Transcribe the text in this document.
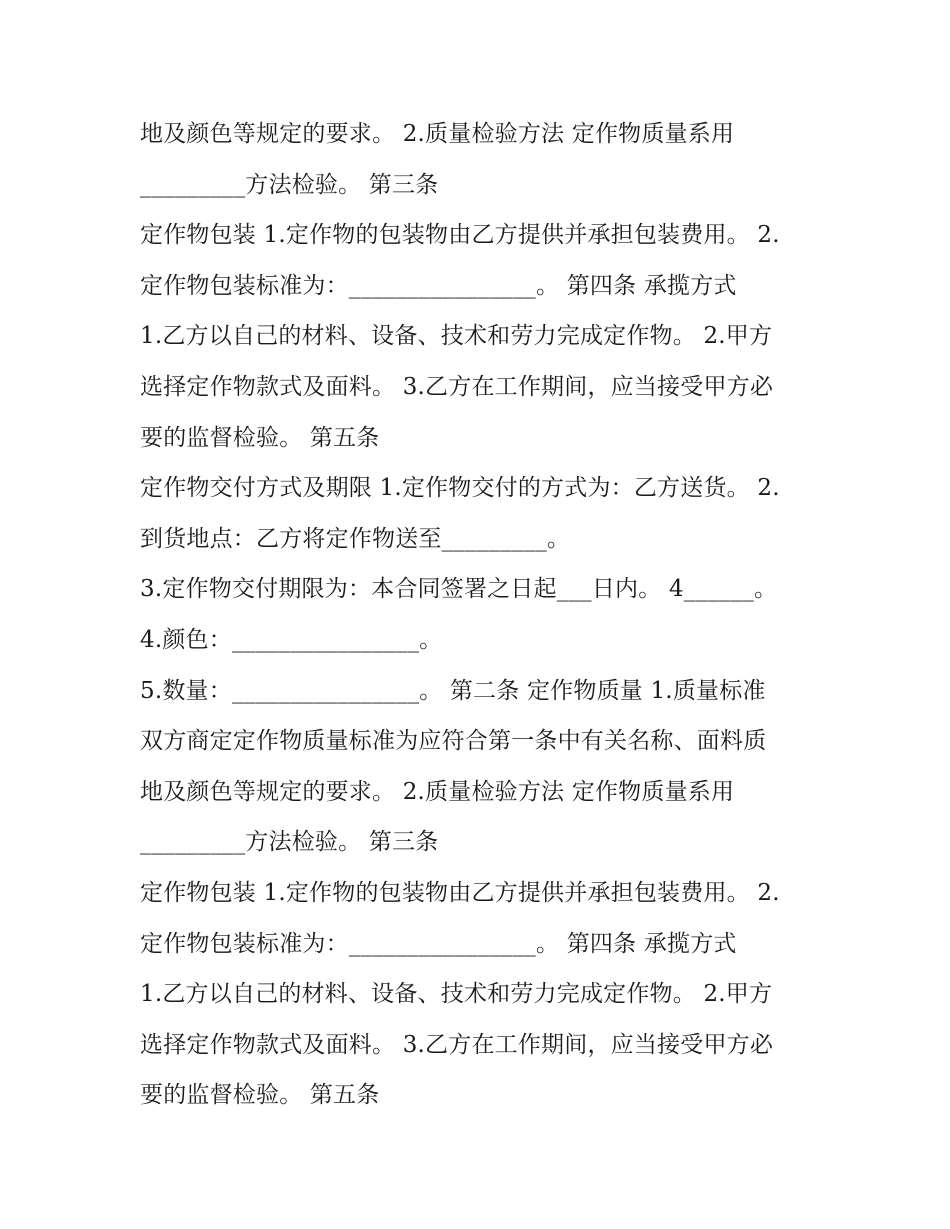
地及颜色等规定的要求。 2.质量检验方法 定作物质量系用
_________方法检验。 第三条
定作物包装 1.定作物的包装物由乙方提供并承担包装费用。 2.
定作物包装标准为：________________。 第四条 承揽方式
1.乙方以自己的材料、设备、技术和劳力完成定作物。 2.甲方
选择定作物款式及面料。 3.乙方在工作期间，应当接受甲方必
要的监督检验。 第五条
定作物交付方式及期限 1.定作物交付的方式为：乙方送货。 2.
到货地点：乙方将定作物送至_________。
3.定作物交付期限为：本合同签署之日起___日内。 4______。
4.颜色：________________。
5.数量：________________。 第二条 定作物质量 1.质量标准
双方商定定作物质量标准为应符合第一条中有关名称、面料质
地及颜色等规定的要求。 2.质量检验方法 定作物质量系用
_________方法检验。 第三条
定作物包装 1.定作物的包装物由乙方提供并承担包装费用。 2.
定作物包装标准为：________________。 第四条 承揽方式
1.乙方以自己的材料、设备、技术和劳力完成定作物。 2.甲方
选择定作物款式及面料。 3.乙方在工作期间，应当接受甲方必
要的监督检验。 第五条
